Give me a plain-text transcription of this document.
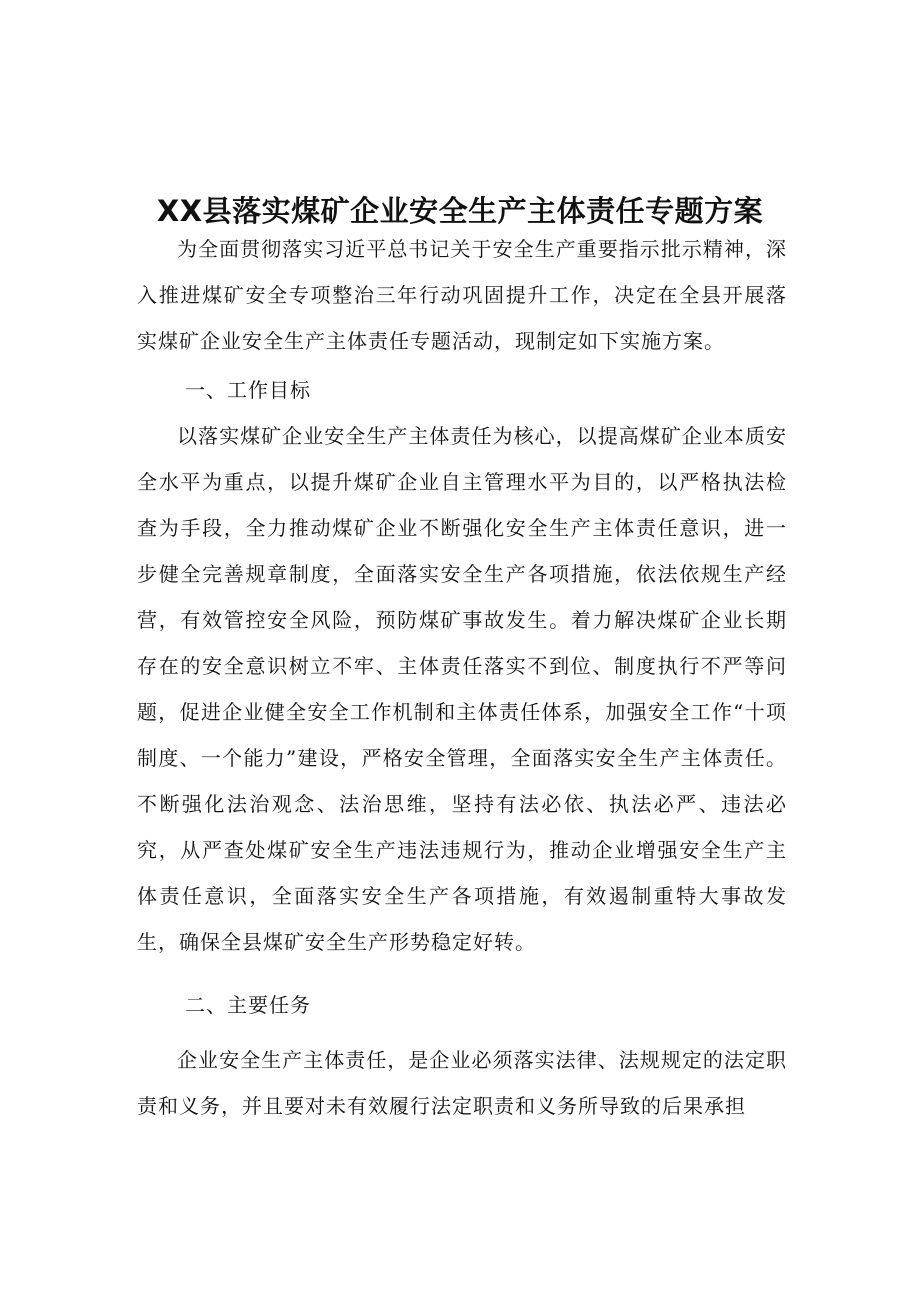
XX县落实煤矿企业安全生产主体责任专题方案

为全面贯彻落实习近平总书记关于安全生产重要指示批示精神，深入推进煤矿安全专项整治三年行动巩固提升工作，决定在全县开展落实煤矿企业安全生产主体责任专题活动，现制定如下实施方案。

一、工作目标

以落实煤矿企业安全生产主体责任为核心，以提高煤矿企业本质安全水平为重点，以提升煤矿企业自主管理水平为目的，以严格执法检查为手段，全力推动煤矿企业不断强化安全生产主体责任意识，进一步健全完善规章制度，全面落实安全生产各项措施，依法依规生产经营，有效管控安全风险，预防煤矿事故发生。着力解决煤矿企业长期存在的安全意识树立不牢、主体责任落实不到位、制度执行不严等问题，促进企业健全安全工作机制和主体责任体系，加强安全工作“十项制度、一个能力”建设，严格安全管理，全面落实安全生产主体责任。不断强化法治观念、法治思维，坚持有法必依、执法必严、违法必究，从严查处煤矿安全生产违法违规行为，推动企业增强安全生产主体责任意识，全面落实安全生产各项措施，有效遏制重特大事故发生，确保全县煤矿安全生产形势稳定好转。

二、主要任务

企业安全生产主体责任，是企业必须落实法律、法规规定的法定职责和义务，并且要对未有效履行法定职责和义务所导致的后果承担
